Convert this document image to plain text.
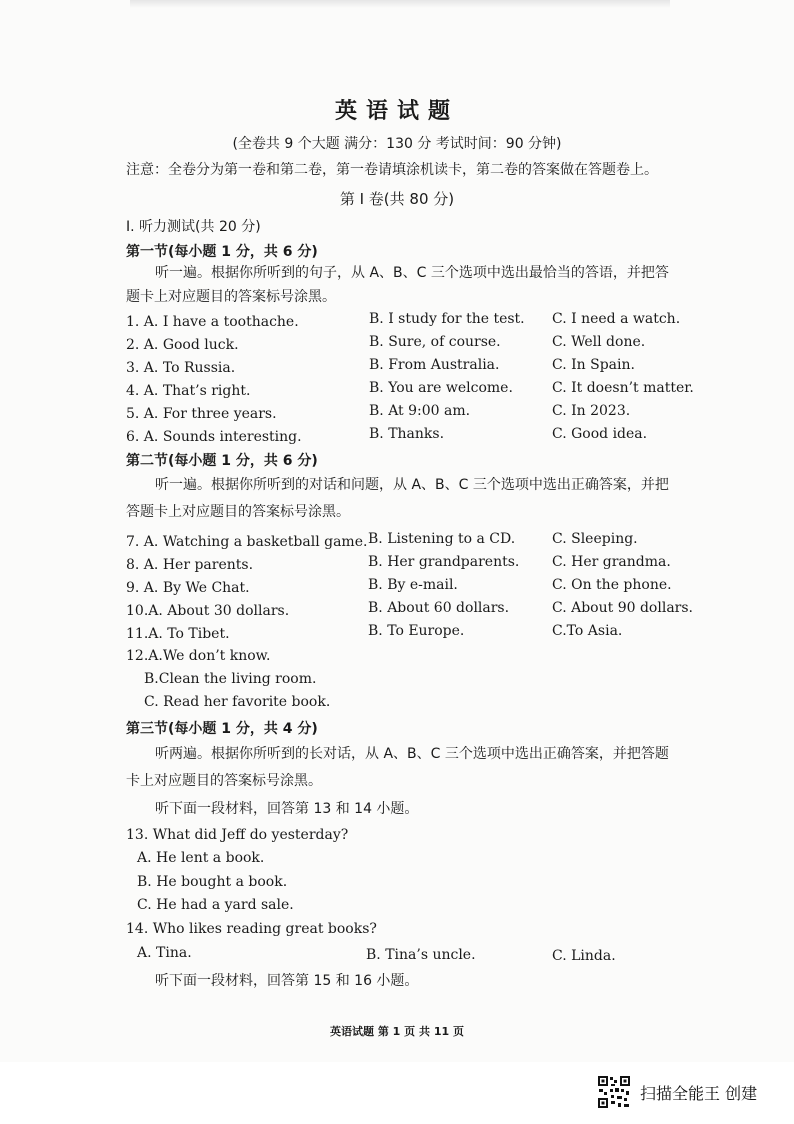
英语试题
(全卷共 9 个大题 满分：130 分 考试时间：90 分钟)
注意：全卷分为第一卷和第二卷，第一卷请填涂机读卡，第二卷的答案做在答题卷上。
第 I 卷(共 80 分)
I. 听力测试(共 20 分)
第一节(每小题 1 分，共 6 分)
听一遍。根据你所听到的句子，从 A、B、C 三个选项中选出最恰当的答语，并把答
题卡上对应题目的答案标号涂黑。
1. A. I have a toothache.	B. I study for the test. C. I need a watch.
2. A. Good luck.	B. Sure, of course.	C. Well done.
3. A. To Russia.	B. From Australia.	C. In Spain.
4. A. That’s right.	B. You are welcome.	C. It doesn’t matter.
5. A. For three years.	B. At 9:00 am.	C. In 2023.
6. A. Sounds interesting.	B. Thanks.	C. Good idea.
第二节(每小题 1 分，共 6 分)
听一遍。根据你所听到的对话和问题，从 A、B、C 三个选项中选出正确答案，并把
答题卡上对应题目的答案标号涂黑。
7. A. Watching a basketball game. B. Listening to a CD.	C. Sleeping.
8. A. Her parents.	B. Her grandparents. C. Her grandma.
9. A. By We Chat.	B. By e-mail.	C. On the phone.
10.A. About 30 dollars.	B. About 60 dollars.	C. About 90 dollars.
11.A. To Tibet.	B. To Europe.	C.To Asia.
12.A.We don’t know.
B.Clean the living room.
C. Read her favorite book.
第三节(每小题 1 分，共 4 分)
听两遍。根据你所听到的长对话，从 A、B、C 三个选项中选出正确答案，并把答题
卡上对应题目的答案标号涂黑。
听下面一段材料，回答第 13 和 14 小题。
13. What did Jeff do yesterday?
A. He lent a book.
B. He bought a book.
C. He had a yard sale.
14. Who likes reading great books?
A. Tina.	B. Tina’s uncle.	C. Linda.
听下面一段材料，回答第 15 和 16 小题。
英语试题 第 1 页 共 11 页
扫描全能王 创建
